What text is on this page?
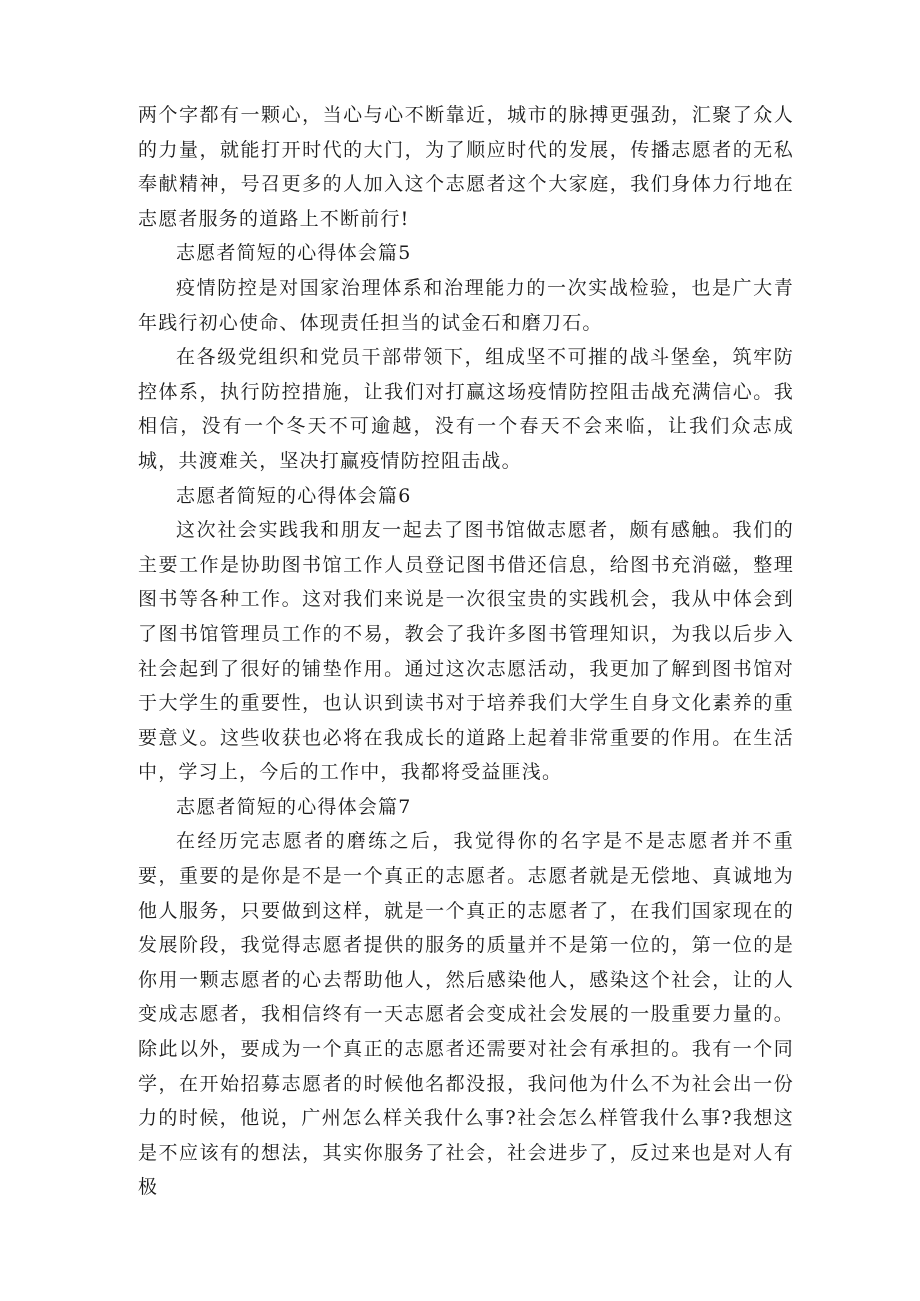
两个字都有一颗心，当心与心不断靠近，城市的脉搏更强劲，汇聚了众人的力量，就能打开时代的大门，为了顺应时代的发展，传播志愿者的无私奉献精神，号召更多的人加入这个志愿者这个大家庭，我们身体力行地在志愿者服务的道路上不断前行!

志愿者简短的心得体会篇5

疫情防控是对国家治理体系和治理能力的一次实战检验，也是广大青年践行初心使命、体现责任担当的试金石和磨刀石。

在各级党组织和党员干部带领下，组成坚不可摧的战斗堡垒，筑牢防控体系，执行防控措施，让我们对打赢这场疫情防控阻击战充满信心。我相信，没有一个冬天不可逾越，没有一个春天不会来临，让我们众志成城，共渡难关，坚决打赢疫情防控阻击战。

志愿者简短的心得体会篇6

这次社会实践我和朋友一起去了图书馆做志愿者，颇有感触。我们的主要工作是协助图书馆工作人员登记图书借还信息，给图书充消磁，整理图书等各种工作。这对我们来说是一次很宝贵的实践机会，我从中体会到了图书馆管理员工作的不易，教会了我许多图书管理知识，为我以后步入社会起到了很好的铺垫作用。通过这次志愿活动，我更加了解到图书馆对于大学生的重要性，也认识到读书对于培养我们大学生自身文化素养的重要意义。这些收获也必将在我成长的道路上起着非常重要的作用。在生活中，学习上，今后的工作中，我都将受益匪浅。

志愿者简短的心得体会篇7

在经历完志愿者的磨练之后，我觉得你的名字是不是志愿者并不重要，重要的是你是不是一个真正的志愿者。志愿者就是无偿地、真诚地为他人服务，只要做到这样，就是一个真正的志愿者了，在我们国家现在的发展阶段，我觉得志愿者提供的服务的质量并不是第一位的，第一位的是你用一颗志愿者的心去帮助他人，然后感染他人，感染这个社会，让的人变成志愿者，我相信终有一天志愿者会变成社会发展的一股重要力量的。除此以外，要成为一个真正的志愿者还需要对社会有承担的。我有一个同学，在开始招募志愿者的时候他名都没报，我问他为什么不为社会出一份力的时候，他说，广州怎么样关我什么事?社会怎么样管我什么事?我想这是不应该有的想法，其实你服务了社会，社会进步了，反过来也是对人有极
